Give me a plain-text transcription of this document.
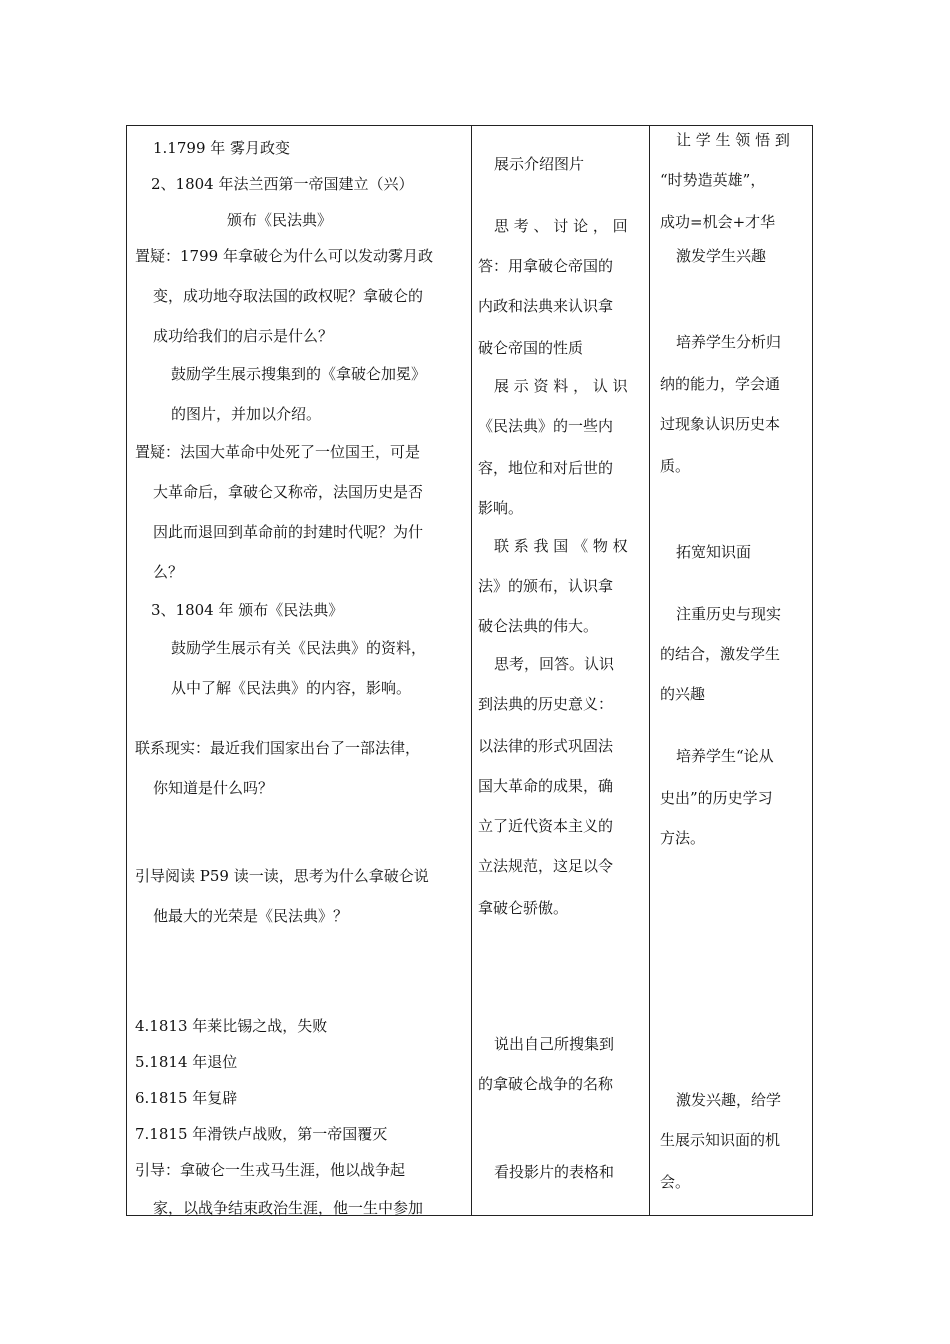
1.1799 年 雾月政变
2、1804 年法兰西第一帝国建立（兴）
颁布《民法典》
置疑：1799 年拿破仑为什么可以发动雾月政
变，成功地夺取法国的政权呢？拿破仑的
成功给我们的启示是什么？
鼓励学生展示搜集到的《拿破仑加冕》
的图片，并加以介绍。
置疑：法国大革命中处死了一位国王，可是
大革命后，拿破仑又称帝，法国历史是否
因此而退回到革命前的封建时代呢？为什
么？
3、1804 年 颁布《民法典》
鼓励学生展示有关《民法典》的资料，
从中了解《民法典》的内容，影响。
联系现实：最近我们国家出台了一部法律，
你知道是什么吗？
引导阅读 P59 读一读，思考为什么拿破仑说
他最大的光荣是《民法典》？
4.1813 年莱比锡之战，失败
5.1814 年退位
6.1815 年复辟
7.1815 年滑铁卢战败，第一帝国覆灭
引导：拿破仑一生戎马生涯，他以战争起
家，以战争结束政治生涯，他一生中参加
展示介绍图片
思 考 、 讨 论 ， 回
答：用拿破仑帝国的
内政和法典来认识拿
破仑帝国的性质
展 示 资 料 ， 认 识
《民法典》的一些内
容，地位和对后世的
影响。
联 系 我 国 《 物 权
法》的颁布，认识拿
破仑法典的伟大。
思考，回答。认识
到法典的历史意义：
以法律的形式巩固法
国大革命的成果，确
立了近代资本主义的
立法规范，这足以令
拿破仑骄傲。
说出自己所搜集到
的拿破仑战争的名称
看投影片的表格和
让 学 生 领 悟 到
“时势造英雄”，
成功=机会+才华
激发学生兴趣
培养学生分析归
纳的能力，学会通
过现象认识历史本
质。
拓宽知识面
注重历史与现实
的结合，激发学生
的兴趣
培养学生“论从
史出”的历史学习
方法。
激发兴趣，给学
生展示知识面的机
会。
